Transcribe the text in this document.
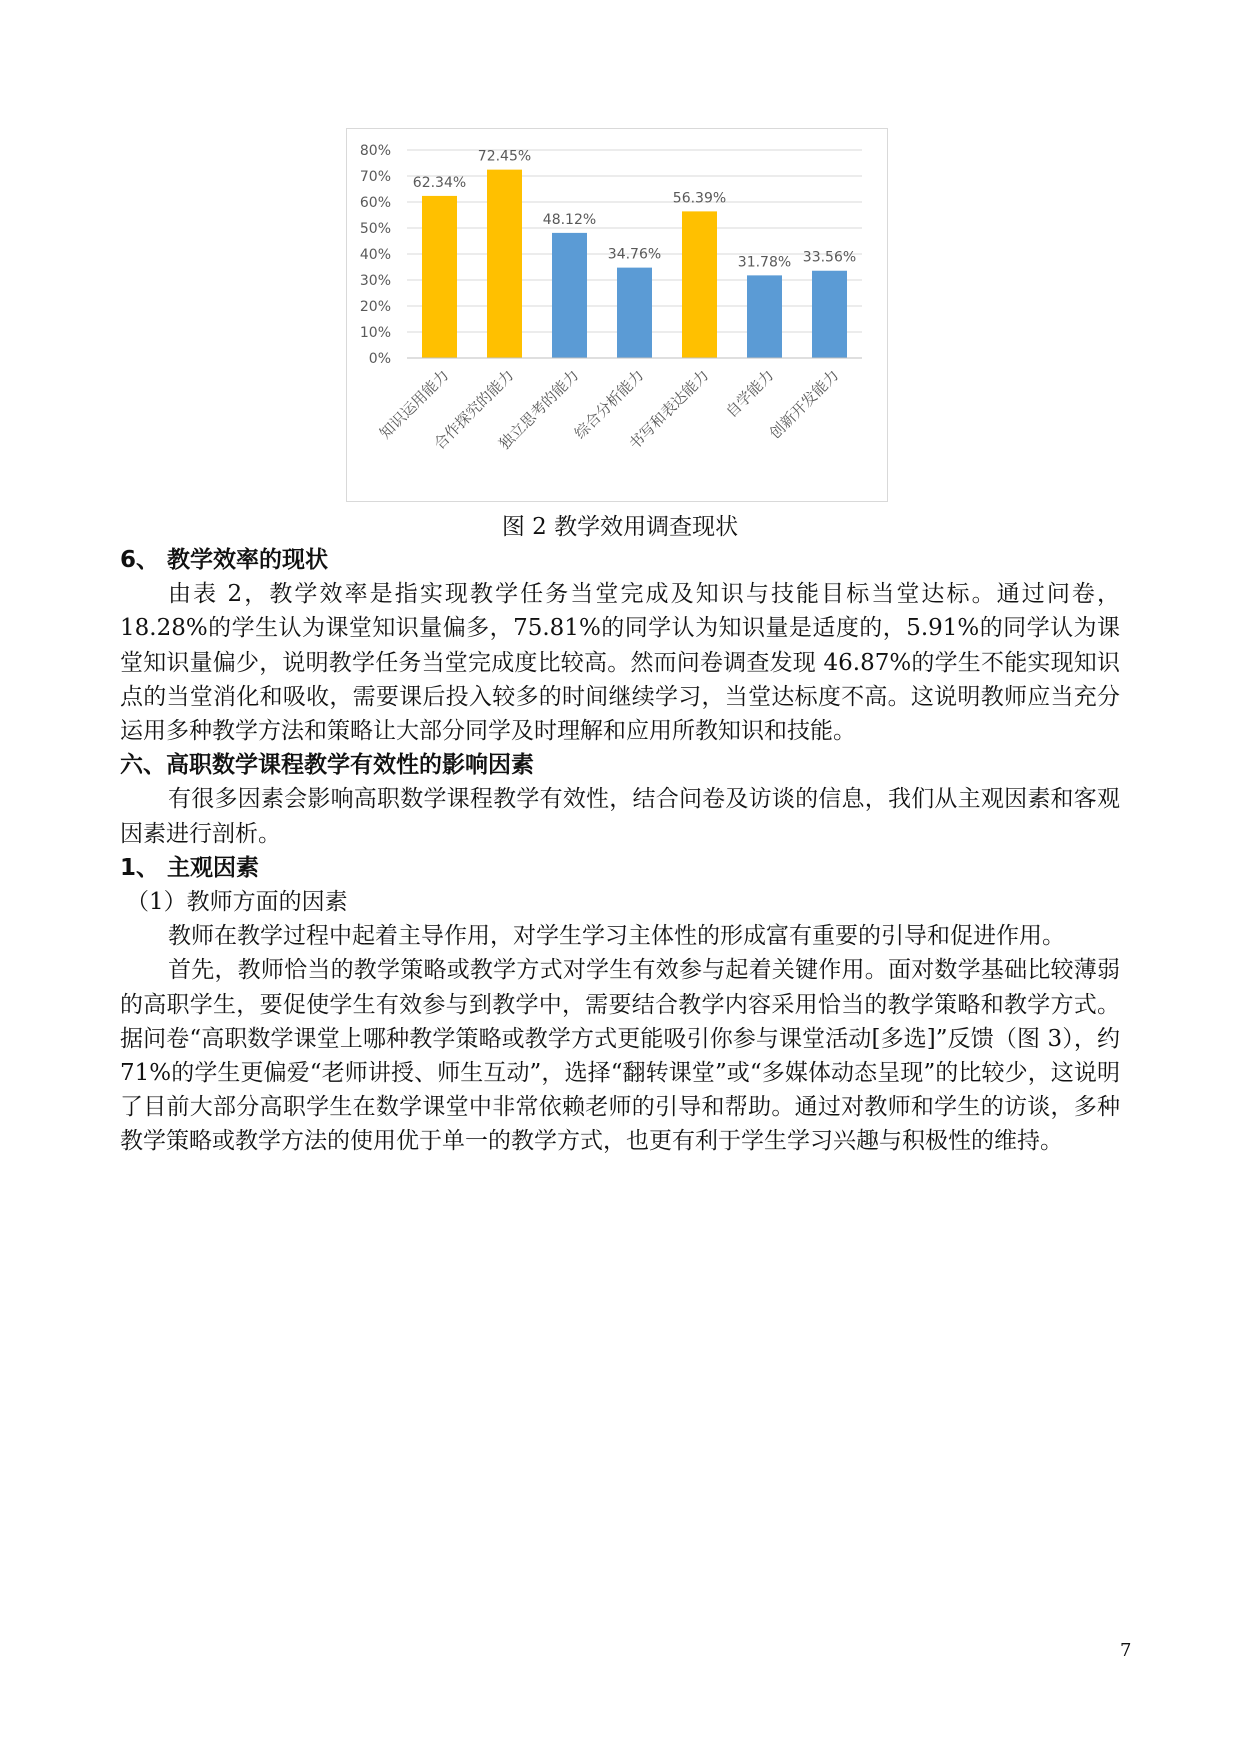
0%
10%
20%
30%
40%
50%
60%
70%
80%
62.34%
知识运用能力
72.45%
合作探究的能力
48.12%
独立思考的能力
34.76%
综合分析能力
56.39%
书写和表达能力
31.78%
自学能力
33.56%
创新开发能力
图 2 教学效用调查现状
6、 教学效率的现状

由表 2，教学效率是指实现教学任务当堂完成及知识与技能目标当堂达标。通过问卷，18.28%的学生认为课堂知识量偏多，75.81%的同学认为知识量是适度的，5.91%的同学认为课堂知识量偏少，说明教学任务当堂完成度比较高。然而问卷调查发现 46.87%的学生不能实现知识点的当堂消化和吸收，需要课后投入较多的时间继续学习，当堂达标度不高。这说明教师应当充分运用多种教学方法和策略让大部分同学及时理解和应用所教知识和技能。

六、高职数学课程教学有效性的影响因素

有很多因素会影响高职数学课程教学有效性，结合问卷及访谈的信息，我们从主观因素和客观因素进行剖析。

1、 主观因素

（1）教师方面的因素

教师在教学过程中起着主导作用，对学生学习主体性的形成富有重要的引导和促进作用。

首先，教师恰当的教学策略或教学方式对学生有效参与起着关键作用。面对数学基础比较薄弱的高职学生，要促使学生有效参与到教学中，需要结合教学内容采用恰当的教学策略和教学方式。据问卷“高职数学课堂上哪种教学策略或教学方式更能吸引你参与课堂活动[多选]”反馈（图 3），约 71%的学生更偏爱“老师讲授、师生互动”，选择“翻转课堂”或“多媒体动态呈现”的比较少，这说明了目前大部分高职学生在数学课堂中非常依赖老师的引导和帮助。通过对教师和学生的访谈，多种教学策略或教学方法的使用优于单一的教学方式，也更有利于学生学习兴趣与积极性的维持。

7
